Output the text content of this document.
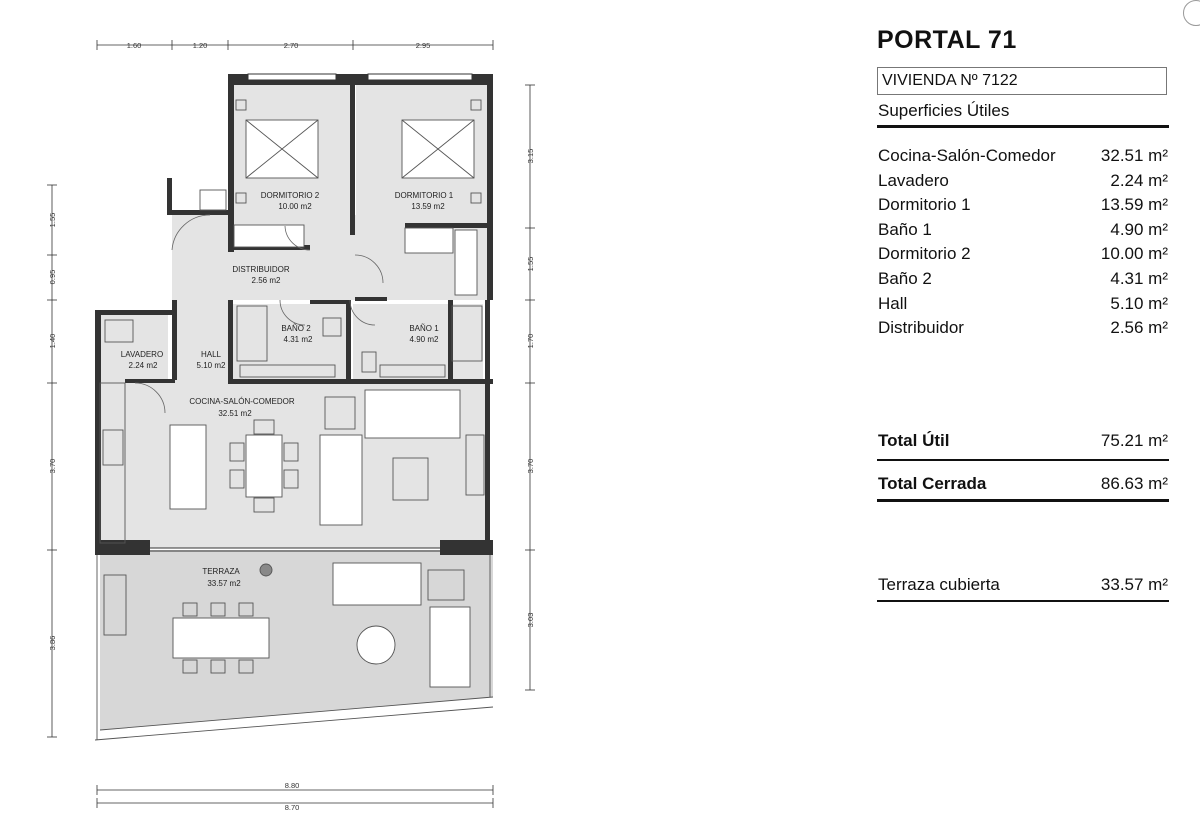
1.60	1.20	2.70	2.95
1.55
0.95
1.40
3.70
3.86
3.15
1.55
1.70
3.70
3.03
8.80
8.70
DORMITORIO 2
10.00 m2
DORMITORIO 1
13.59 m2
DISTRIBUIDOR
2.56 m2
BAÑO 2
4.31 m2
BAÑO 1
4.90 m2
LAVADERO
2.24 m2
HALL
5.10 m2
COCINA-SALÓN-COMEDOR
32.51 m2
TERRAZA
33.57 m2
PORTAL 71
VIVIENDA Nº 7122
Superficies Útiles
Cocina-Salón-Comedor	32.51 m²
Lavadero	2.24 m²
Dormitorio 1	13.59 m²
Baño 1	4.90 m²
Dormitorio 2	10.00 m²
Baño 2	4.31 m²
Hall	5.10 m²
Distribuidor	2.56 m²
Total Útil	75.21 m²
Total Cerrada	86.63 m²
Terraza cubierta	33.57 m²
